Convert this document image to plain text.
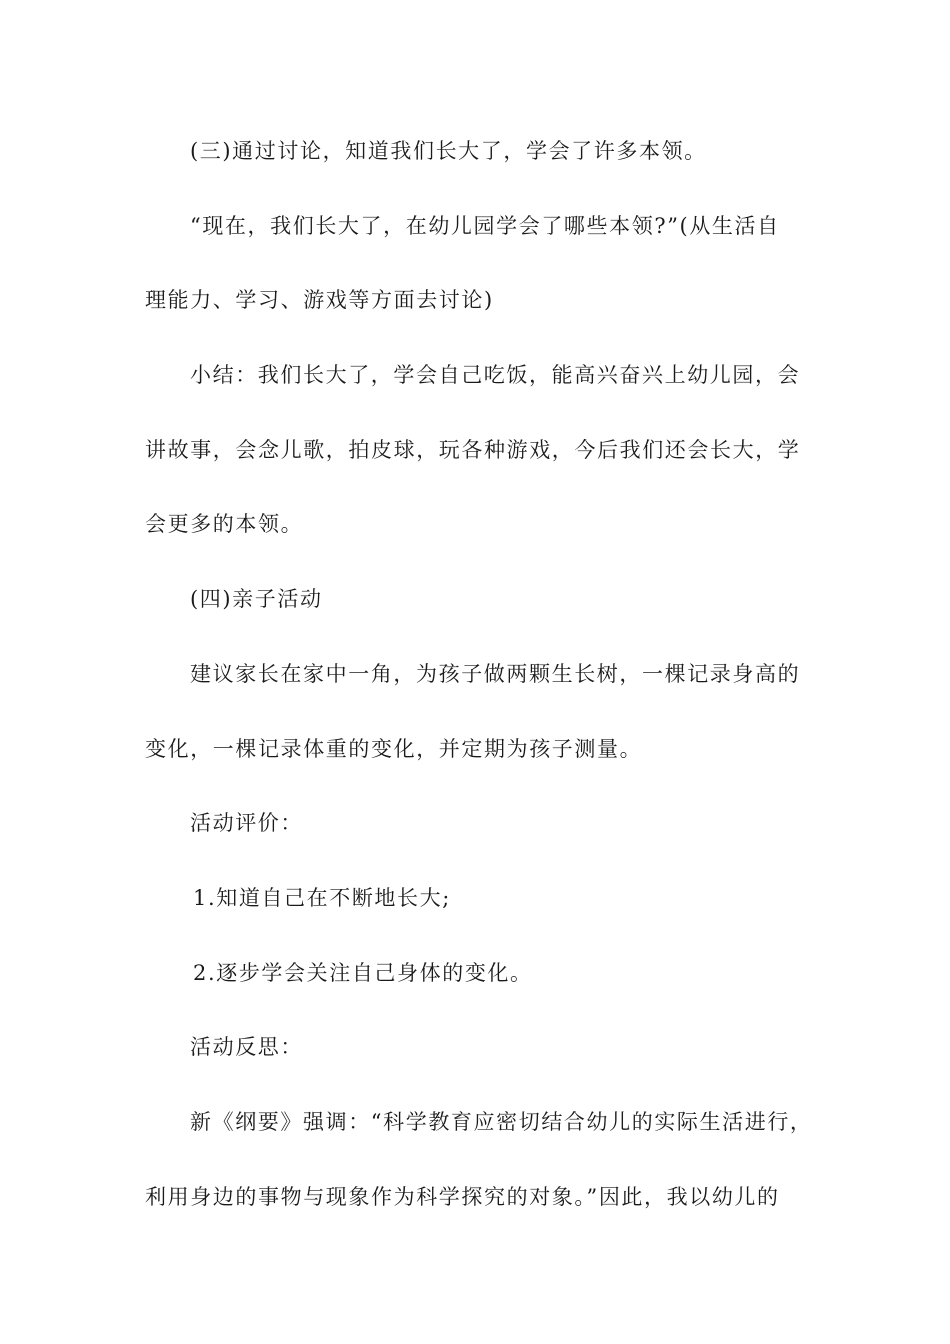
(三)通过讨论，知道我们长大了，学会了许多本领。
“现在，我们长大了，在幼儿园学会了哪些本领?”(从生活自
理能力、学习、游戏等方面去讨论)
小结：我们长大了，学会自己吃饭，能高兴奋兴上幼儿园，会
讲故事，会念儿歌，拍皮球，玩各种游戏，今后我们还会长大，学
会更多的本领。
(四)亲子活动
建议家长在家中一角，为孩子做两颗生长树，一棵记录身高的
变化，一棵记录体重的变化，并定期为孩子测量。
活动评价：
1.知道自己在不断地长大;
2.逐步学会关注自己身体的变化。
活动反思：
新《纲要》强调：“科学教育应密切结合幼儿的实际生活进行，
利用身边的事物与现象作为科学探究的对象。”因此，我以幼儿的
